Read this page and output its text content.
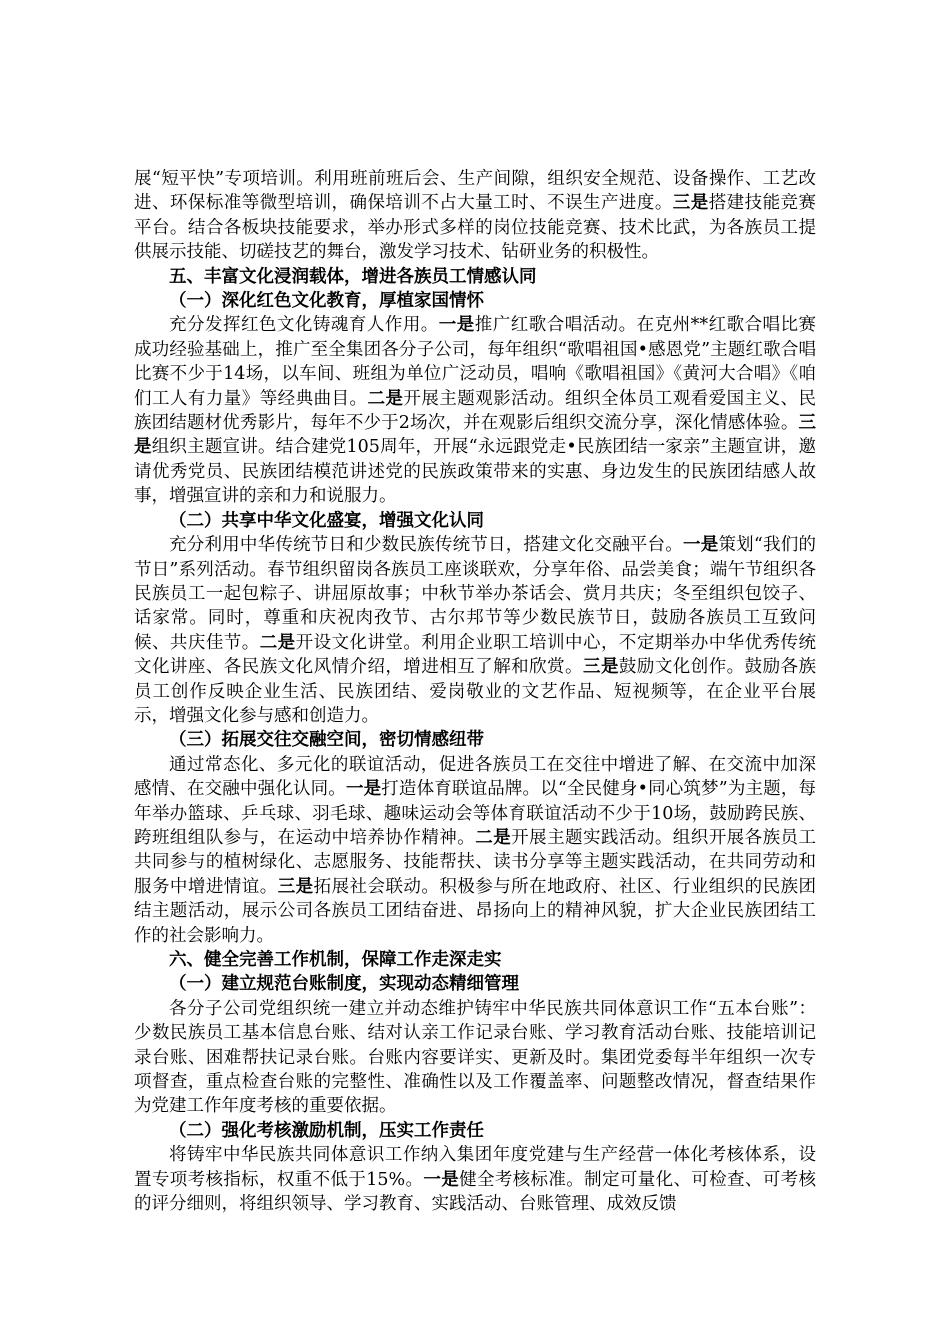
展“短平快”专项培训。利用班前班后会、生产间隙，组织安全规范、设备操作、工艺改进、环保标准等微型培训，确保培训不占大量工时、不误生产进度。三是搭建技能竞赛平台。结合各板块技能要求，举办形式多样的岗位技能竞赛、技术比武，为各族员工提供展示技能、切磋技艺的舞台，激发学习技术、钻研业务的积极性。
五、丰富文化浸润载体，增进各族员工情感认同
（一）深化红色文化教育，厚植家国情怀
充分发挥红色文化铸魂育人作用。一是推广红歌合唱活动。在克州**红歌合唱比赛成功经验基础上，推广至全集团各分子公司，每年组织“歌唱祖国•感恩党”主题红歌合唱比赛不少于14场，以车间、班组为单位广泛动员，唱响《歌唱祖国》《黄河大合唱》《咱们工人有力量》等经典曲目。二是开展主题观影活动。组织全体员工观看爱国主义、民族团结题材优秀影片，每年不少于2场次，并在观影后组织交流分享，深化情感体验。三是组织主题宣讲。结合建党105周年，开展“永远跟党走•民族团结一家亲”主题宣讲，邀请优秀党员、民族团结模范讲述党的民族政策带来的实惠、身边发生的民族团结感人故事，增强宣讲的亲和力和说服力。
（二）共享中华文化盛宴，增强文化认同
充分利用中华传统节日和少数民族传统节日，搭建文化交融平台。一是策划“我们的节日”系列活动。春节组织留岗各族员工座谈联欢，分享年俗、品尝美食；端午节组织各民族员工一起包粽子、讲屈原故事；中秋节举办茶话会、赏月共庆；冬至组织包饺子、话家常。同时，尊重和庆祝肉孜节、古尔邦节等少数民族节日，鼓励各族员工互致问候、共庆佳节。二是开设文化讲堂。利用企业职工培训中心，不定期举办中华优秀传统文化讲座、各民族文化风情介绍，增进相互了解和欣赏。三是鼓励文化创作。鼓励各族员工创作反映企业生活、民族团结、爱岗敬业的文艺作品、短视频等，在企业平台展示，增强文化参与感和创造力。
（三）拓展交往交融空间，密切情感纽带
通过常态化、多元化的联谊活动，促进各族员工在交往中增进了解、在交流中加深感情、在交融中强化认同。一是打造体育联谊品牌。以“全民健身•同心筑梦”为主题，每年举办篮球、乒乓球、羽毛球、趣味运动会等体育联谊活动不少于10场，鼓励跨民族、跨班组组队参与，在运动中培养协作精神。二是开展主题实践活动。组织开展各族员工共同参与的植树绿化、志愿服务、技能帮扶、读书分享等主题实践活动，在共同劳动和服务中增进情谊。三是拓展社会联动。积极参与所在地政府、社区、行业组织的民族团结主题活动，展示公司各族员工团结奋进、昂扬向上的精神风貌，扩大企业民族团结工作的社会影响力。
六、健全完善工作机制，保障工作走深走实
（一）建立规范台账制度，实现动态精细管理
各分子公司党组织统一建立并动态维护铸牢中华民族共同体意识工作“五本台账”：少数民族员工基本信息台账、结对认亲工作记录台账、学习教育活动台账、技能培训记录台账、困难帮扶记录台账。台账内容要详实、更新及时。集团党委每半年组织一次专项督查，重点检查台账的完整性、准确性以及工作覆盖率、问题整改情况，督查结果作为党建工作年度考核的重要依据。
（二）强化考核激励机制，压实工作责任
将铸牢中华民族共同体意识工作纳入集团年度党建与生产经营一体化考核体系，设置专项考核指标，权重不低于15%。一是健全考核标准。制定可量化、可检查、可考核的评分细则，将组织领导、学习教育、实践活动、台账管理、成效反馈
